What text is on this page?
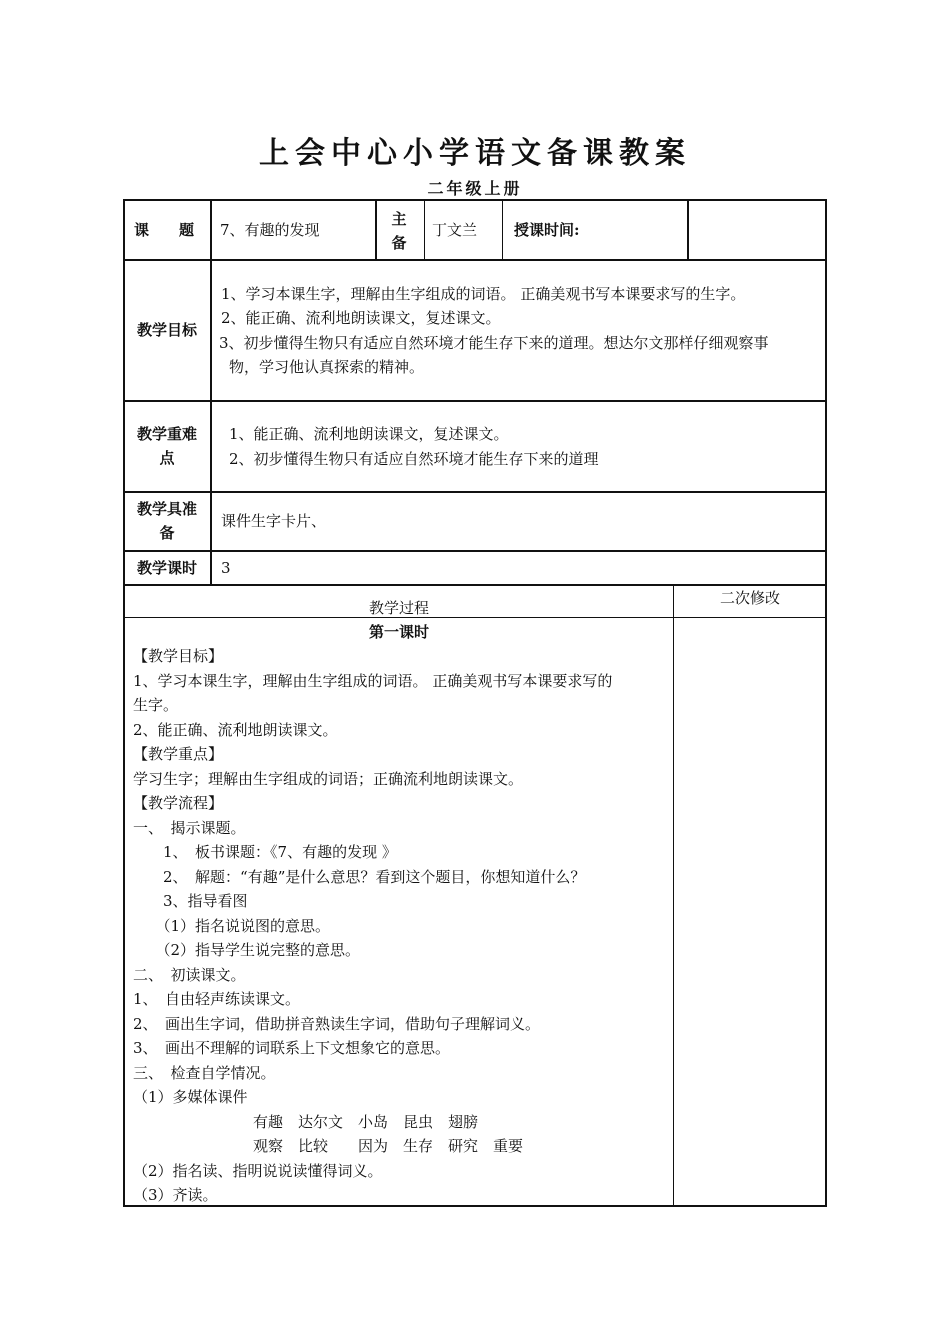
上会中心小学语文备课教案
二年级上册
课　　题	7、有趣的发现
主
备
丁文兰 授课时间:
教学目标
1、学习本课生字，理解由生字组成的词语。 正确美观书写本课要求写的生字。
2、能正确、流利地朗读课文，复述课文。
3、初步懂得生物只有适应自然环境才能生存下来的道理。想达尔文那样仔细观察事
物，学习他认真探索的精神。
教学重难
点
1、能正确、流利地朗读课文，复述课文。
2、初步懂得生物只有适应自然环境才能生存下来的道理
教学具准
备
课件生字卡片、
教学课时	3
教学过程
二次修改
第一课时
【教学目标】
1、学习本课生字，理解由生字组成的词语。 正确美观书写本课要求写的
生字。
2、能正确、流利地朗读课文。
【教学重点】
学习生字；理解由生字组成的词语；正确流利地朗读课文。
【教学流程】
一、　揭示课题。
　　1、　板书课题：《7、有趣的发现 》
　　2、　解题：“有趣”是什么意思？看到这个题目，你想知道什么？
　　3、指导看图
　　（1）指名说说图的意思。
　　（2）指导学生说完整的意思。
二、　初读课文。
1、　自由轻声练读课文。
2、　画出生字词，借助拼音熟读生字词，借助句子理解词义。
3、　画出不理解的词联系上下文想象它的意思。
三、　检查自学情况。
（1）多媒体课件
　　　　　　　　有趣　达尔文　小岛　昆虫　翅膀
　　　　　　　　观察　比较　　因为　生存　研究　重要
（2）指名读、指明说说读懂得词义。
（3）齐读。
